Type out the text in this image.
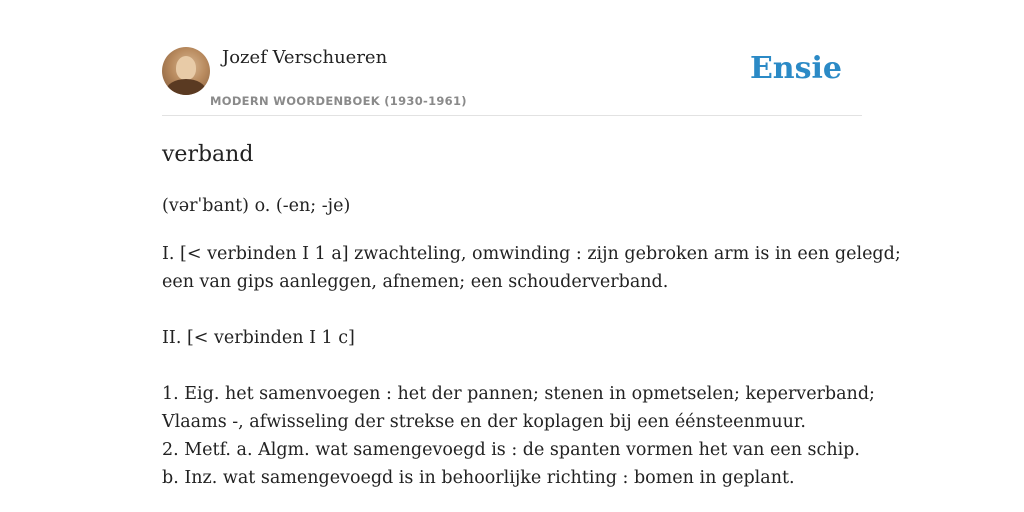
Jozef Verschueren

MODERN WOORDENBOEK (1930-1961)
Ensie
verband
(vərˈbant) o. (-en; -je)
I. [< verbinden I 1 a] zwachteling, omwinding : zijn gebroken arm is in een gelegd;
een van gips aanleggen, afnemen; een schouderverband.
II. [< verbinden I 1 c]
1. Eig. het samenvoegen : het der pannen; stenen in opmetselen; keperverband;
Vlaams -, afwisseling der strekse en der koplagen bij een éénsteenmuur.
2. Metf. a. Algm. wat samengevoegd is : de spanten vormen het van een schip.
b. Inz. wat samengevoegd is in behoorlijke richting : bomen in geplant.
